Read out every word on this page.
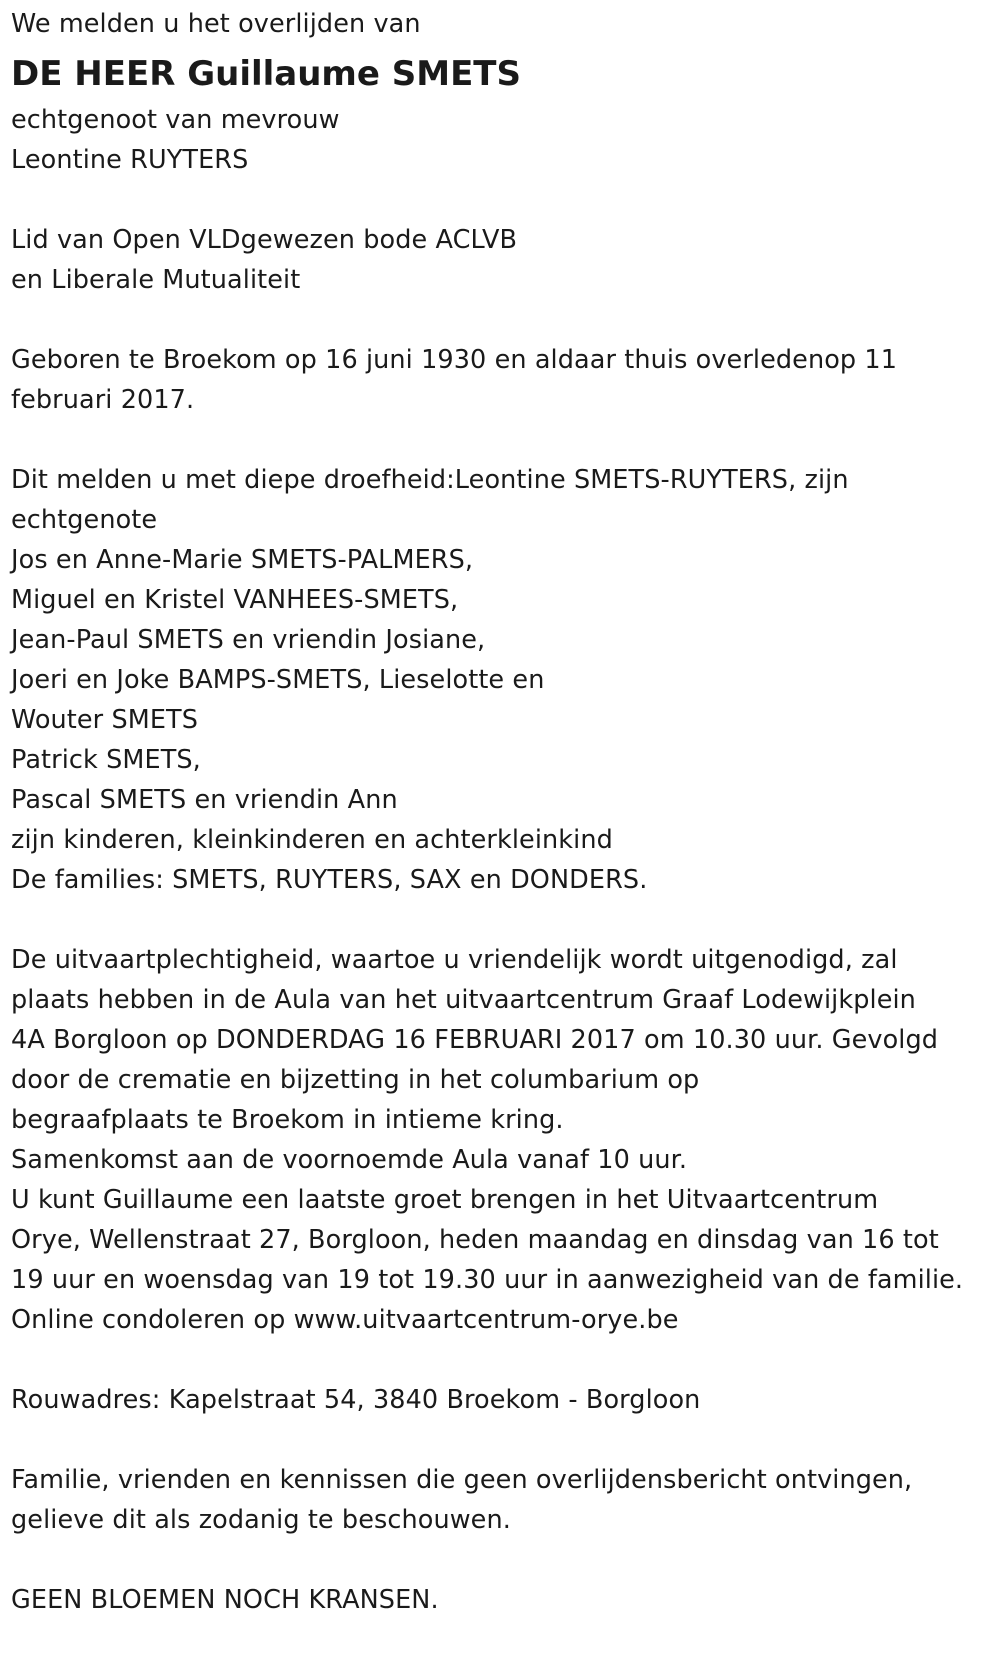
We melden u het overlijden van
DE HEER Guillaume SMETS
echtgenoot van mevrouw
Leontine RUYTERS
Lid van Open VLDgewezen bode ACLVB
en Liberale Mutualiteit
Geboren te Broekom op 16 juni 1930 en aldaar thuis overledenop 11
februari 2017.
Dit melden u met diepe droefheid:Leontine SMETS-RUYTERS, zijn
echtgenote
Jos en Anne-Marie SMETS-PALMERS,
Miguel en Kristel VANHEES-SMETS,
Jean-Paul SMETS en vriendin Josiane,
Joeri en Joke BAMPS-SMETS, Lieselotte en
Wouter SMETS
Patrick SMETS,
Pascal SMETS en vriendin Ann
zijn kinderen, kleinkinderen en achterkleinkind
De families: SMETS, RUYTERS, SAX en DONDERS.
De uitvaartplechtigheid, waartoe u vriendelijk wordt uitgenodigd, zal
plaats hebben in de Aula van het uitvaartcentrum Graaf Lodewijkplein
4A Borgloon op DONDERDAG 16 FEBRUARI 2017 om 10.30 uur. Gevolgd
door de crematie en bijzetting in het columbarium op
begraafplaats te Broekom in intieme kring.
Samenkomst aan de voornoemde Aula vanaf 10 uur.
U kunt Guillaume een laatste groet brengen in het Uitvaartcentrum
Orye, Wellenstraat 27, Borgloon, heden maandag en dinsdag van 16 tot
19 uur en woensdag van 19 tot 19.30 uur in aanwezigheid van de familie.
Online condoleren op www.uitvaartcentrum-orye.be
Rouwadres: Kapelstraat 54, 3840 Broekom - Borgloon
Familie, vrienden en kennissen die geen overlijdensbericht ontvingen,
gelieve dit als zodanig te beschouwen.
GEEN BLOEMEN NOCH KRANSEN.
